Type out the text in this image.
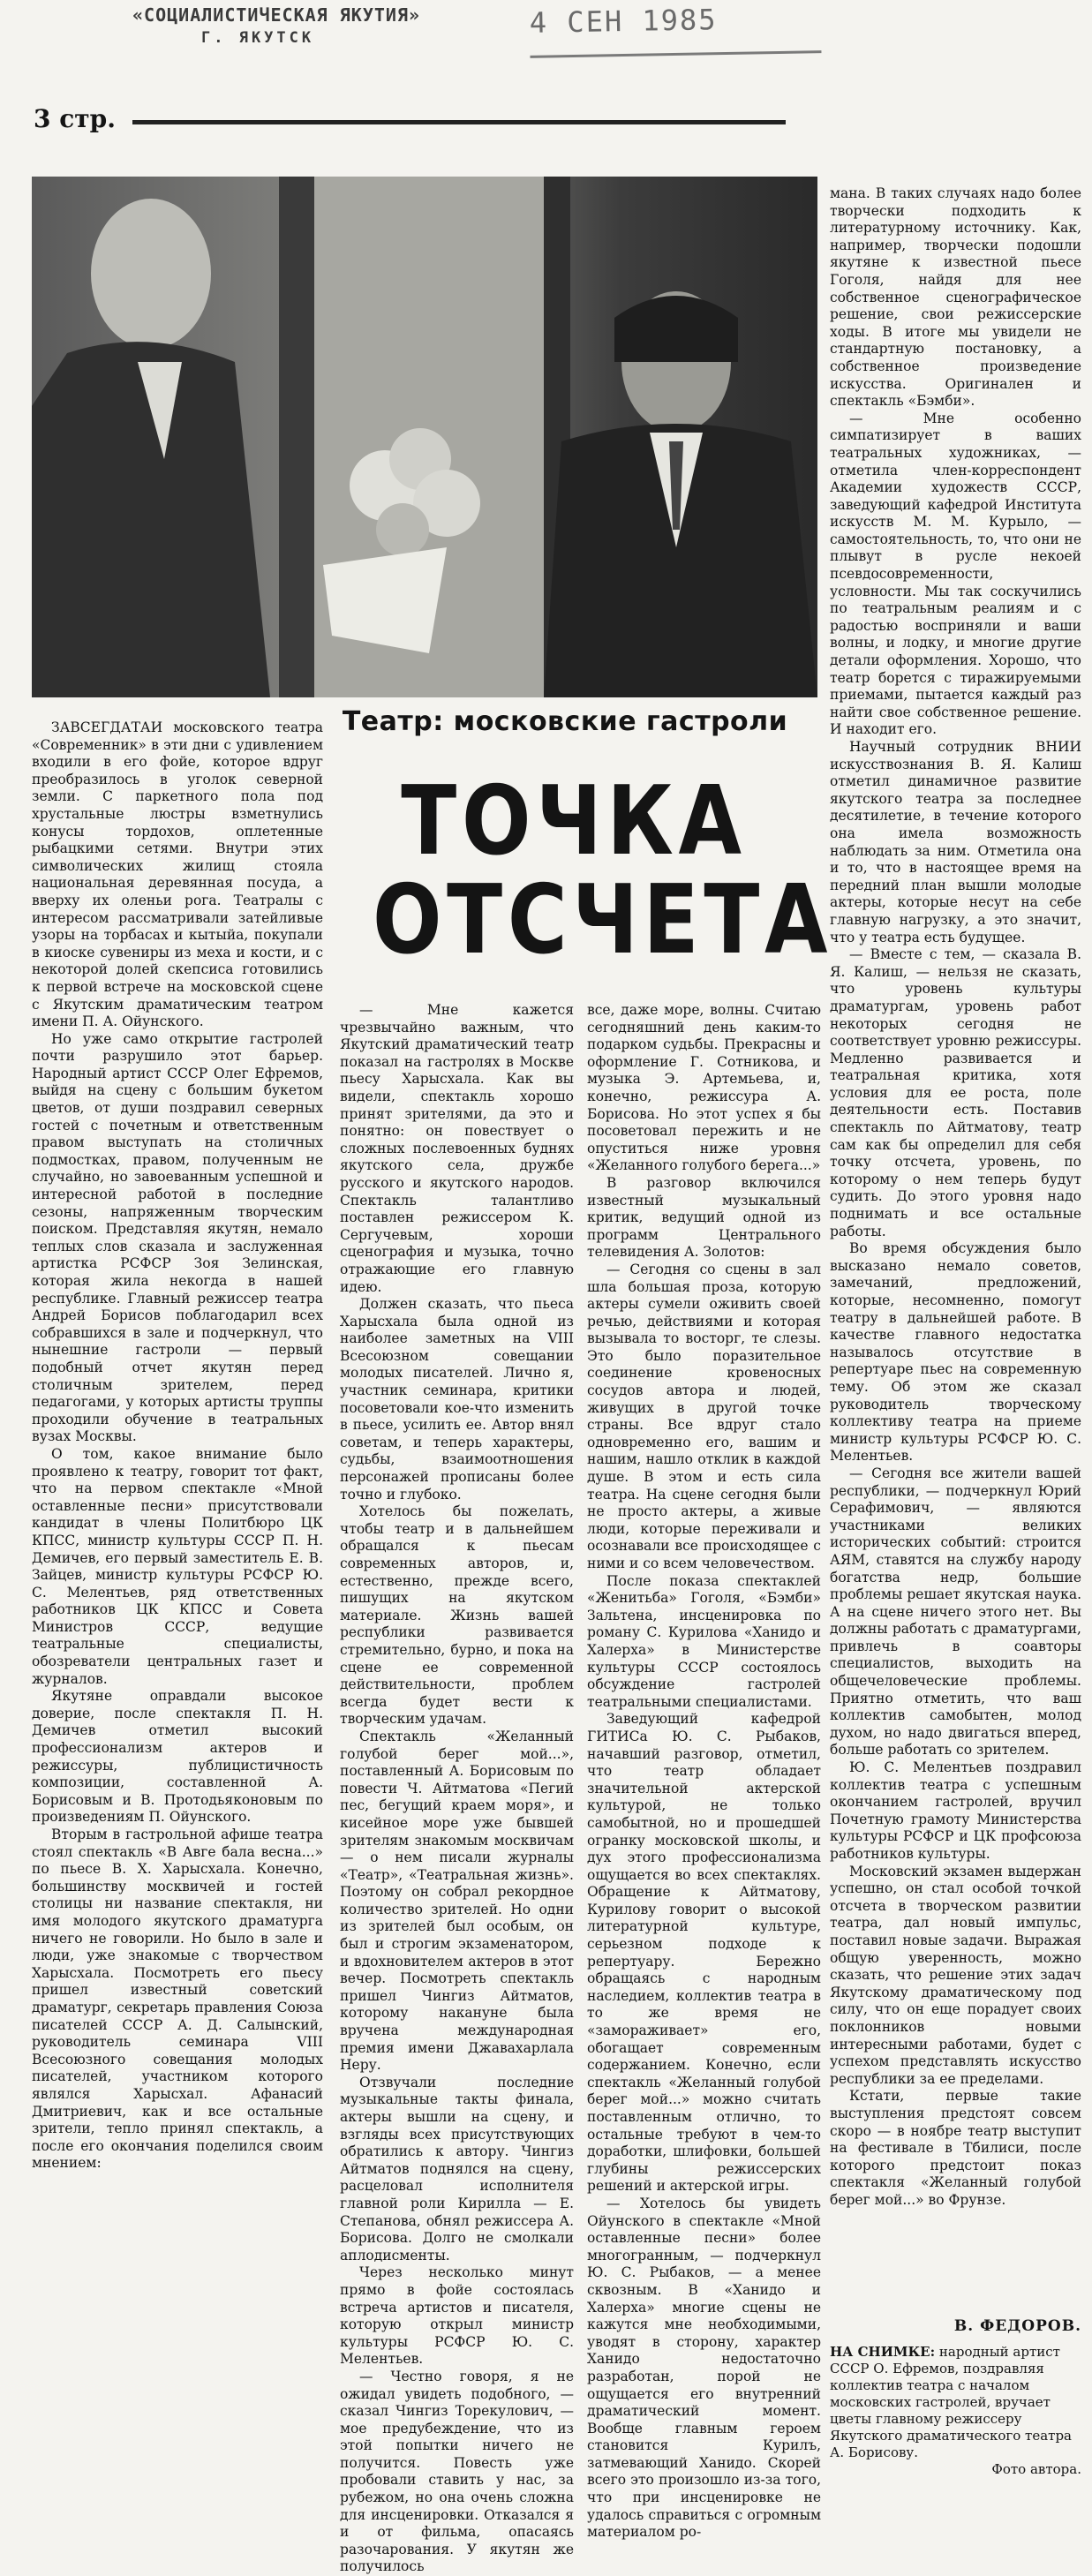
«СОЦИАЛИСТИЧЕСКАЯ ЯКУТИЯ»
Г. ЯКУТСК	4 СЕН 1985
3 стр.
Театр: московские гастроли
ТОЧКА ОТСЧЕТА

мана. В таких случаях надо более творчески подходить к литературному источнику. Как, например, творчески подошли якутяне к известной пьесе Гоголя, найдя для нее собственное сценографическое решение, свои режиссерские ходы. В итоге мы увидели не стандартную постановку, а собственное произведение искусства. Оригинален и спектакль «Бэмби».

— Мне особенно симпатизирует в ваших театральных художниках, — отметила член-корреспондент Академии художеств СССР, заведующий кафедрой Института искусств М. М. Курыло, — самостоятельность, то, что они не плывут в русле некоей псевдосовременности, условности. Мы так соскучились по театральным реалиям и с радостью восприняли и ваши волны, и лодку, и многие другие детали оформления. Хорошо, что театр борется с тиражируемыми приемами, пытается каждый раз найти свое собственное решение. И находит его.

Научный сотрудник ВНИИ искусствознания В. Я. Калиш отметил динамичное развитие якутского театра за последнее десятилетие, в течение которого она имела возможность наблюдать за ним. Отметила она и то, что в настоящее время на передний план вышли молодые актеры, которые несут на себе главную нагрузку, а это значит, что у театра есть будущее.

— Вместе с тем, — сказала В. Я. Калиш, — нельзя не сказать, что уровень культуры драматургам, уровень работ некоторых сегодня не соответствует уровню режиссуры. Медленно развивается и театральная критика, хотя условия для ее роста, поле деятельности есть. Поставив спектакль по Айтматову, театр сам как бы определил для себя точку отсчета, уровень, по которому о нем теперь будут судить. До этого уровня надо поднимать и все остальные работы.

Во время обсуждения было высказано немало советов, замечаний, предложений, которые, несомненно, помогут театру в дальнейшей работе. В качестве главного недостатка называлось отсутствие в репертуаре пьес на современную тему. Об этом же сказал руководитель творческому коллективу театра на приеме министр культуры РСФСР Ю. С. Мелентьев.

— Сегодня все жители вашей республики, — подчеркнул Юрий Серафимович, — являются участниками великих исторических событий: строится АЯМ, ставятся на службу народу богатства недр, большие проблемы решает якутская наука. А на сцене ничего этого нет. Вы должны работать с драматургами, привлечь в соавторы специалистов, выходить на общечеловеческие проблемы. Приятно отметить, что ваш коллектив самобытен, молод духом, но надо двигаться вперед, больше работать со зрителем.

Ю. С. Мелентьев поздравил коллектив театра с успешным окончанием гастролей, вручил Почетную грамоту Министерства культуры РСФСР и ЦК профсоюза работников культуры.

Московский экзамен выдержан успешно, он стал особой точкой отсчета в творческом развитии театра, дал новый импульс, поставил новые задачи. Выражая общую уверенность, можно сказать, что решение этих задач Якутскому драматическому под силу, что он еще порадует своих поклонников новыми интересными работами, будет с успехом представлять искусство республики за ее пределами.

Кстати, первые такие выступления предстоят совсем скоро — в ноябре театр выступит на фестивале в Тбилиси, после которого предстоит показ спектакля «Желанный голубой берег мой...» во Фрунзе.

В. ФЕДОРОВ.
НА СНИМКЕ: народный артист СССР О. Ефремов, поздравляя коллектив театра с началом московских гастролей, вручает цветы главному режиссеру Якутского драматического театра А. Борисову.
Фото автора.

ЗАВСЕГДАТАИ московского театра «Современник» в эти дни с удивлением входили в его фойе, которое вдруг преобразилось в уголок северной земли. С паркетного пола под хрустальные люстры взметнулись конусы тордохов, оплетенные рыбацкими сетями. Внутри этих символических жилищ стояла национальная деревянная посуда, а вверху их оленьи рога. Театралы с интересом рассматривали затейливые узоры на торбасах и кытыйа, покупали в киоске сувениры из меха и кости, и с некоторой долей скепсиса готовились к первой встрече на московской сцене с Якутским драматическим театром имени П. А. Ойунского.

Но уже само открытие гастролей почти разрушило этот барьер. Народный артист СССР Олег Ефремов, выйдя на сцену с большим букетом цветов, от души поздравил северных гостей с почетным и ответственным правом выступать на столичных подмостках, правом, полученным не случайно, но завоеванным успешной и интересной работой в последние сезоны, напряженным творческим поиском. Представляя якутян, немало теплых слов сказала и заслуженная артистка РСФСР Зоя Зелинская, которая жила некогда в нашей республике. Главный режиссер театра Андрей Борисов поблагодарил всех собравшихся в зале и подчеркнул, что нынешние гастроли — первый подобный отчет якутян перед столичным зрителем, перед педагогами, у которых артисты труппы проходили обучение в театральных вузах Москвы.

О том, какое внимание было проявлено к театру, говорит тот факт, что на первом спектакле «Мной оставленные песни» присутствовали кандидат в члены Политбюро ЦК КПСС, министр культуры СССР П. Н. Демичев, его первый заместитель Е. В. Зайцев, министр культуры РСФСР Ю. С. Мелентьев, ряд ответственных работников ЦК КПСС и Совета Министров СССР, ведущие театральные специалисты, обозреватели центральных газет и журналов.

Якутяне оправдали высокое доверие, после спектакля П. Н. Демичев отметил высокий профессионализм актеров и режиссуры, публицистичность композиции, составленной А. Борисовым и В. Протодьяконовым по произведениям П. Ойунского.

Вторым в гастрольной афише театра стоял спектакль «В Авге бала весна...» по пьесе В. Х. Харысхала. Конечно, большинству москвичей и гостей столицы ни название спектакля, ни имя молодого якутского драматурга ничего не говорили. Но было в зале и люди, уже знакомые с творчеством Харысхала. Посмотреть его пьесу пришел известный советский драматург, секретарь правления Союза писателей СССР А. Д. Салынский, руководитель семинара VIII Всесоюзного совещания молодых писателей, участником которого являлся Харысхал. Афанасий Дмитриевич, как и все остальные зрители, тепло принял спектакль, а после его окончания поделился своим мнением:

— Мне кажется чрезвычайно важным, что Якутский драматический театр показал на гастролях в Москве пьесу Харысхала. Как вы видели, спектакль хорошо принят зрителями, да это и понятно: он повествует о сложных послевоенных буднях якутского села, дружбе русского и якутского народов. Спектакль талантливо поставлен режиссером К. Сергучевым, хороши сценография и музыка, точно отражающие его главную идею.

Должен сказать, что пьеса Харысхала была одной из наиболее заметных на VIII Всесоюзном совещании молодых писателей. Лично я, участник семинара, критики посоветовали кое-что изменить в пьесе, усилить ее. Автор внял советам, и теперь характеры, судьбы, взаимоотношения персонажей прописаны более точно и глубоко.

Хотелось бы пожелать, чтобы театр и в дальнейшем обращался к пьесам современных авторов, и, естественно, прежде всего, пишущих на якутском материале. Жизнь вашей республики развивается стремительно, бурно, и пока на сцене ее современной действительности, проблем всегда будет вести к творческим удачам.

Спектакль «Желанный голубой берег мой...», поставленный А. Борисовым по повести Ч. Айтматова «Пегий пес, бегущий краем моря», и кисейное море уже бывшей зрителям знакомым москвичам — о нем писали журналы «Театр», «Театральная жизнь». Поэтому он собрал рекордное количество зрителей. Но одни из зрителей был особым, он был и строгим экзаменатором, и вдохновителем актеров в этот вечер. Посмотреть спектакль пришел Чингиз Айтматов, которому накануне была вручена международная премия имени Джавахарлала Неру.

Отзвучали последние музыкальные такты финала, актеры вышли на сцену, и взгляды всех присутствующих обратились к автору. Чингиз Айтматов поднялся на сцену, расцеловал исполнителя главной роли Кирилла — Е. Степанова, обнял режиссера А. Борисова. Долго не смолкали аплодисменты.

Через несколько минут прямо в фойе состоялась встреча артистов и писателя, которую открыл министр культуры РСФСР Ю. С. Мелентьев.

— Честно говоря, я не ожидал увидеть подобного, — сказал Чингиз Торекулович, — мое предубеждение, что из этой попытки ничего не получится. Повесть уже пробовали ставить у нас, за рубежом, но она очень сложна для инсценировки. Отказался я и от фильма, опасаясь разочарования. У якутян же получилось

все, даже море, волны. Считаю сегодняшний день каким-то подарком судьбы. Прекрасны и оформление Г. Сотникова, и музыка Э. Артемьева, и, конечно, режиссура А. Борисова. Но этот успех я бы посоветовал пережить и не опуститься ниже уровня «Желанного голубого берега...»

В разговор включился известный музыкальный критик, ведущий одной из программ Центрального телевидения А. Золотов:

— Сегодня со сцены в зал шла большая проза, которую актеры сумели оживить своей речью, действиями и которая вызывала то восторг, те слезы. Это было поразительное соединение кровеносных сосудов автора и людей, живущих в другой точке страны. Все вдруг стало одновременно его, вашим и нашим, нашло отклик в каждой душе. В этом и есть сила театра. На сцене сегодня были не просто актеры, а живые люди, которые переживали и осознавали все происходящее с ними и со всем человечеством.

После показа спектаклей «Женитьба» Гоголя, «Бэмби» Зальтена, инсценировка по роману С. Курилова «Ханидо и Халерха» в Министерстве культуры СССР состоялось обсуждение гастролей театральными специалистами.

Заведующий кафедрой ГИТИСа Ю. С. Рыбаков, начавший разговор, отметил, что театр обладает значительной актерской культурой, не только самобытной, но и прошедшей огранку московской школы, и дух этого профессионализма ощущается во всех спектаклях. Обращение к Айтматову, Курилову говорит о высокой литературной культуре, серьезном подходе к репертуару. Бережно обращаясь с народным наследием, коллектив театра в то же время не «замораживает» его, обогащает современным содержанием. Конечно, если спектакль «Желанный голубой берег мой...» можно считать поставленным отлично, то остальные требуют в чем-то доработки, шлифовки, большей глубины режиссерских решений и актерской игры.

— Хотелось бы увидеть Ойунского в спектакле «Мной оставленные песни» более многогранным, — подчеркнул Ю. С. Рыбаков, — а менее сквозным. В «Ханидо и Халерха» многие сцены не кажутся мне необходимыми, уводят в сторону, характер Ханидо недостаточно разработан, порой не ощущается его внутренний драматический момент. Вообще главным героем становится Курилъ, затмевающий Ханидо. Скорей всего это произошло из-за того, что при инсценировке не удалось справиться с огромным материалом ро-
